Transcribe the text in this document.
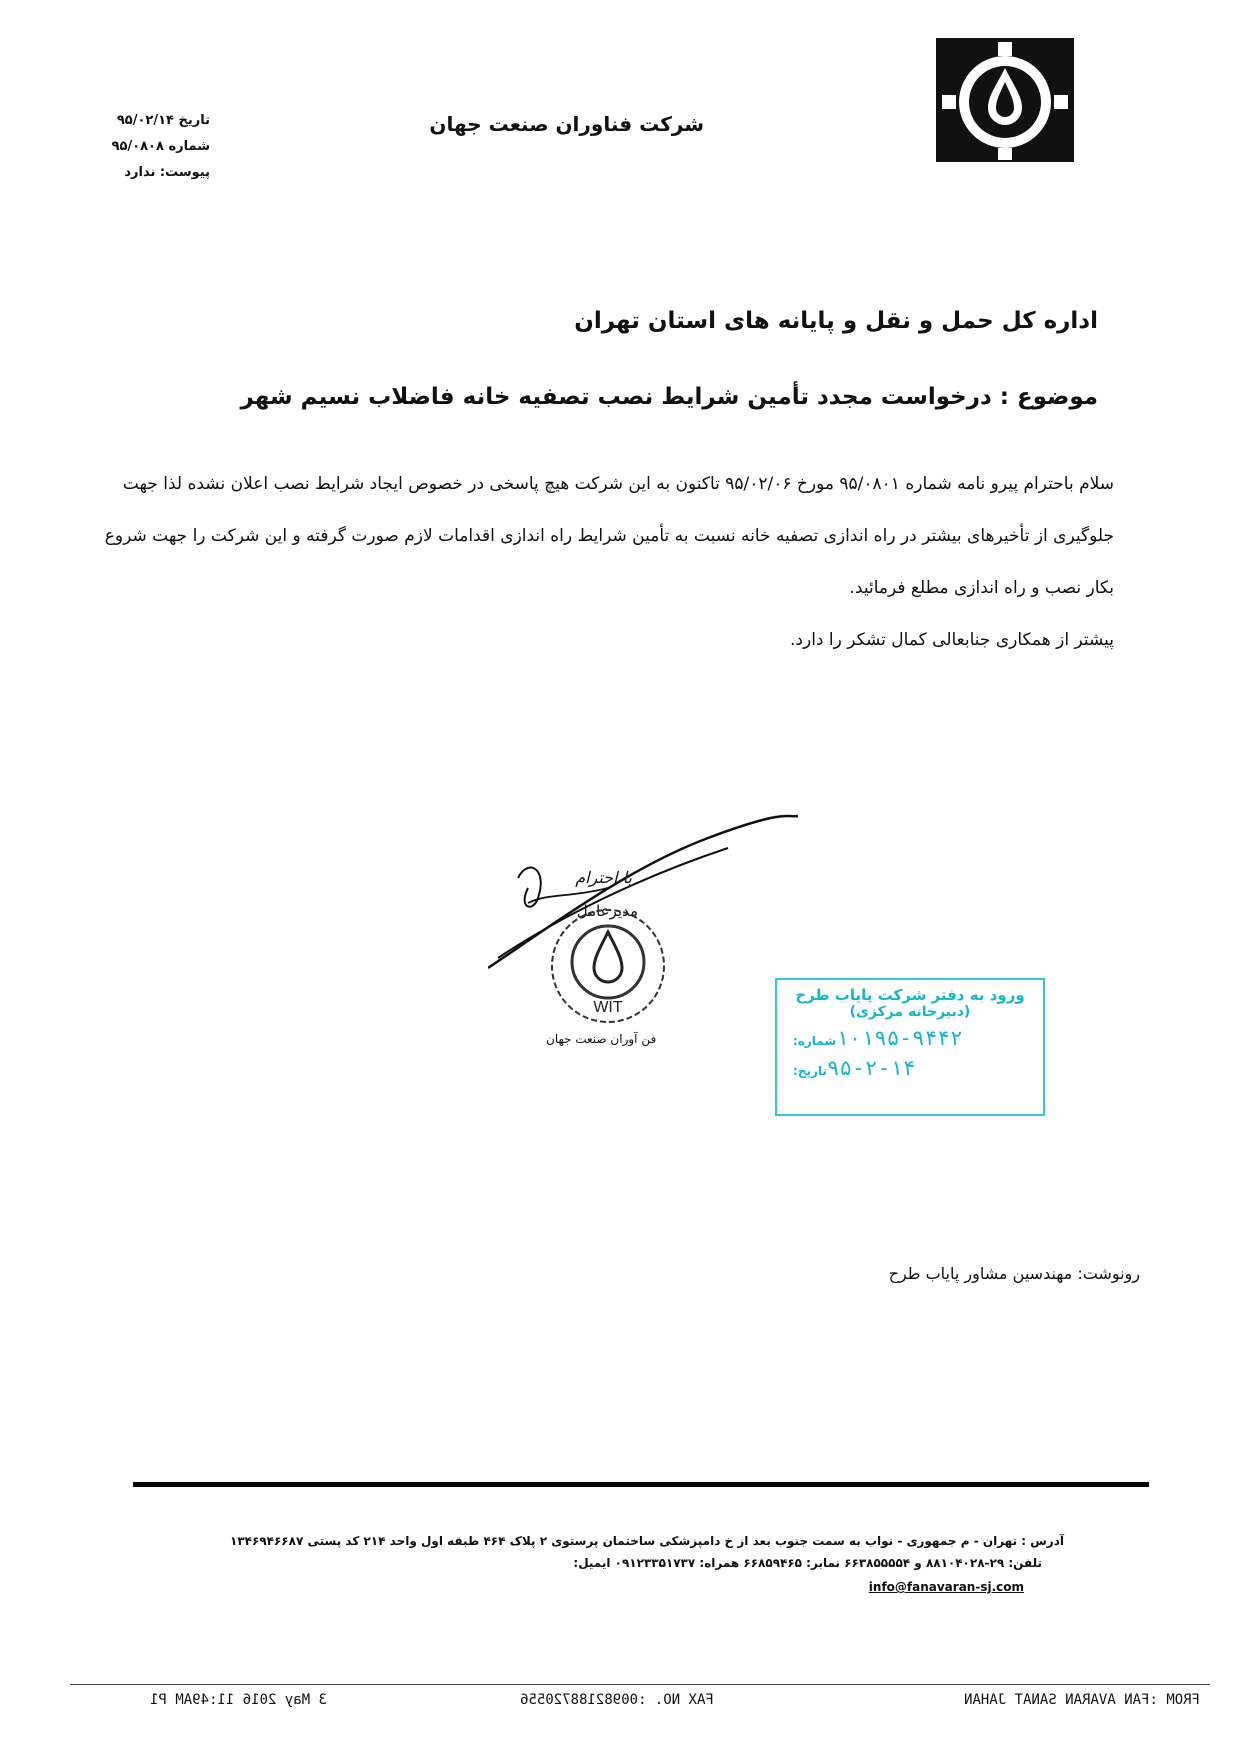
شرکت فناوران صنعت جهان
تاریخ ۹۵/۰۲/۱۴
شماره ۹۵/۰۸۰۸
پیوست: ندارد
اداره کل حمل و نقل و پایانه های استان تهران
موضوع : درخواست مجدد تأمین شرایط نصب تصفیه خانه فاضلاب نسیم شهر

سلام باحترام پیرو نامه شماره ۹۵/۰۸۰۱ مورخ ۹۵/۰۲/۰۶ تاکنون به این شرکت هیچ پاسخی در خصوص ایجاد شرایط نصب اعلان نشده لذا جهت جلوگیری از تأخیرهای بیشتر در راه اندازی تصفیه خانه نسبت به تأمین شرایط راه اندازی اقدامات لازم صورت گرفته و این شرکت را جهت شروع بکار نصب و راه اندازی مطلع فرمائید.

پیشتر از همکاری جنابعالی کمال تشکر را دارد.

با احترام
مدیرعامل
WIT
فن آوران صنعت جهان
ورود به دفتر شرکت پایاب طرح
(دبیرخانه مرکزی)
شماره: ۱۰۱۹۵-۹۴۴۲
تاریخ: ۹۵-۲-۱۴
رونوشت: مهندسین مشاور پایاب طرح
آدرس : تهران - م جمهوری - نواب به سمت جنوب بعد از خ دامپزشکی ساختمان پرستوی ۲ پلاک ۴۶۴ طبقه اول واحد ۲۱۴ کد پستی ۱۳۴۶۹۴۶۶۸۷
تلفن: ۲۹-۸۸۱۰۴۰۲۸ و ۶۶۳۸۵۵۵۵۴ نمابر: ۶۶۸۵۹۴۶۵ همراه: ۰۹۱۲۳۳۵۱۷۳۷ ایمیل:
info@fanavaran-sj.com
FROM :FAN AVARAN SANAT JAHAN
FAX NO. :00982188720556
3 May 2016 11:49AM P1
